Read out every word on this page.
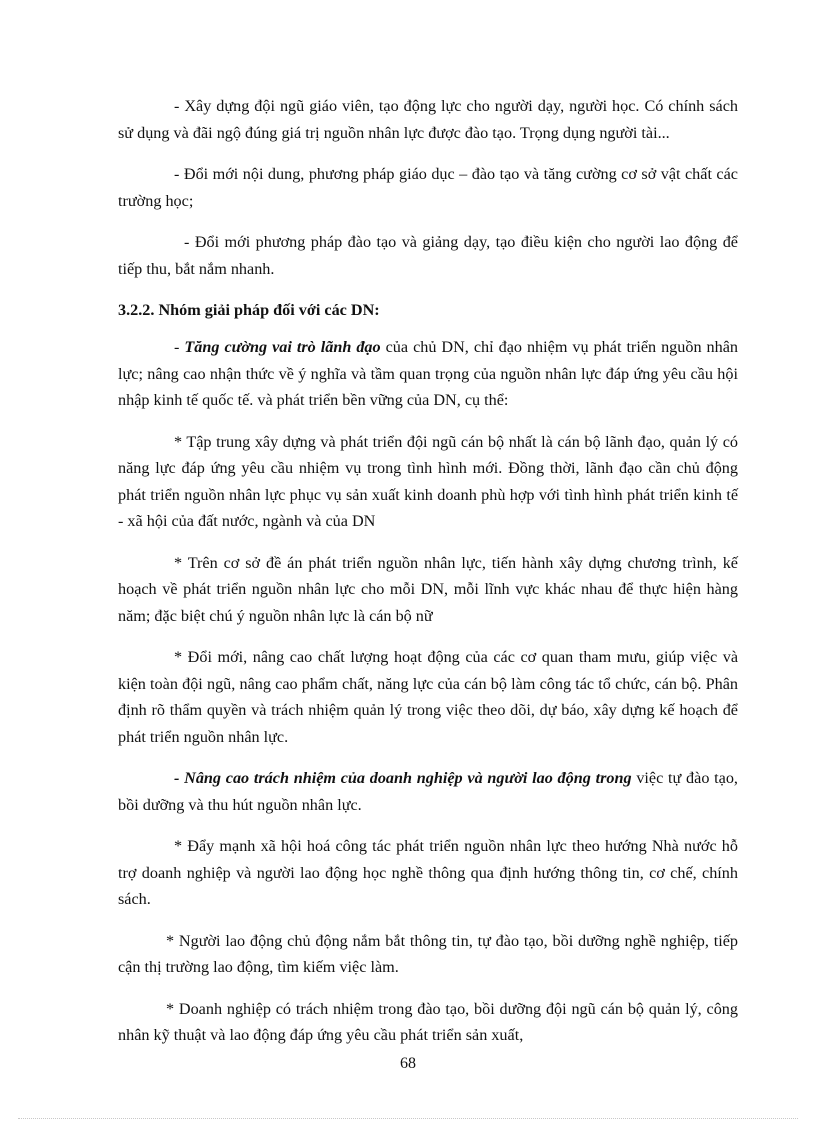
- Xây dựng đội ngũ giáo viên, tạo động lực cho người dạy, người học. Có chính sách sử dụng và đãi ngộ đúng giá trị nguồn nhân lực được đào tạo. Trọng dụng người tài...

- Đổi mới nội dung, phương pháp giáo dục – đào tạo và tăng cường cơ sở vật chất các trường học;

- Đổi mới phương pháp đào tạo và giảng dạy, tạo điều kiện cho người lao động để tiếp thu, bắt nắm nhanh.

3.2.2. Nhóm giải pháp đối với các DN:

- Tăng cường vai trò lãnh đạo của chủ DN, chỉ đạo nhiệm vụ phát triển nguồn nhân lực; nâng cao nhận thức về ý nghĩa và tầm quan trọng của nguồn nhân lực đáp ứng yêu cầu hội nhập kinh tế quốc tế. và phát triển bền vững của DN, cụ thể:

* Tập trung xây dựng và phát triển đội ngũ cán bộ nhất là cán bộ lãnh đạo, quản lý có năng lực đáp ứng yêu cầu nhiệm vụ trong tình hình mới. Đồng thời, lãnh đạo cần chủ động phát triển nguồn nhân lực phục vụ sản xuất kinh doanh phù hợp với tình hình phát triển kinh tế - xã hội của đất nước, ngành và của DN

* Trên cơ sở đề án phát triển nguồn nhân lực, tiến hành xây dựng chương trình, kế hoạch về phát triển nguồn nhân lực cho mỗi DN, mỗi lĩnh vực khác nhau để thực hiện hàng năm; đặc biệt chú ý nguồn nhân lực là cán bộ nữ

* Đổi mới, nâng cao chất lượng hoạt động của các cơ quan tham mưu, giúp việc và kiện toàn đội ngũ, nâng cao phẩm chất, năng lực của cán bộ làm công tác tổ chức, cán bộ. Phân định rõ thẩm quyền và trách nhiệm quản lý trong việc theo dõi, dự báo, xây dựng kế hoạch để phát triển nguồn nhân lực.

- Nâng cao trách nhiệm của doanh nghiệp và người lao động trong việc tự đào tạo, bồi dưỡng và thu hút nguồn nhân lực.

* Đẩy mạnh xã hội hoá công tác phát triển nguồn nhân lực theo hướng Nhà nước hỗ trợ doanh nghiệp và người lao động học nghề thông qua định hướng thông tin, cơ chế, chính sách.

* Người lao động chủ động nắm bắt thông tin, tự đào tạo, bồi dưỡng nghề nghiệp, tiếp cận thị trường lao động, tìm kiếm việc làm.

* Doanh nghiệp có trách nhiệm trong đào tạo, bồi dưỡng đội ngũ cán bộ quản lý, công nhân kỹ thuật và lao động đáp ứng yêu cầu phát triển sản xuất,

68
